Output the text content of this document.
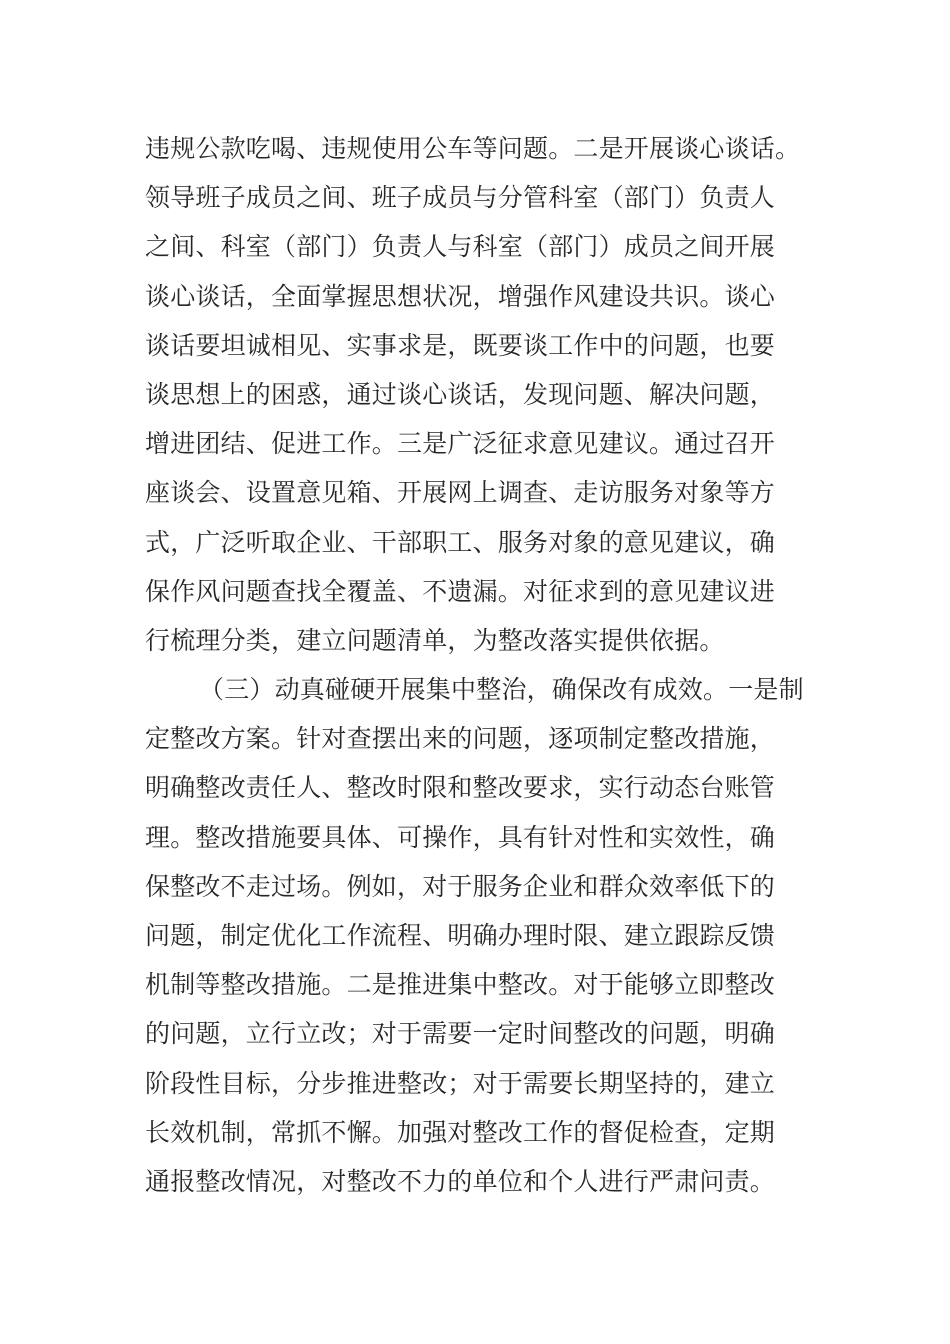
违规公款吃喝、违规使用公车等问题。二是开展谈心谈话。
领导班子成员之间、班子成员与分管科室（部门）负责人
之间、科室（部门）负责人与科室（部门）成员之间开展
谈心谈话，全面掌握思想状况，增强作风建设共识。谈心
谈话要坦诚相见、实事求是，既要谈工作中的问题，也要
谈思想上的困惑，通过谈心谈话，发现问题、解决问题，
增进团结、促进工作。三是广泛征求意见建议。通过召开
座谈会、设置意见箱、开展网上调查、走访服务对象等方
式，广泛听取企业、干部职工、服务对象的意见建议，确
保作风问题查找全覆盖、不遗漏。对征求到的意见建议进
行梳理分类，建立问题清单，为整改落实提供依据。
（三）动真碰硬开展集中整治，确保改有成效。一是制
定整改方案。针对查摆出来的问题，逐项制定整改措施，
明确整改责任人、整改时限和整改要求，实行动态台账管
理。整改措施要具体、可操作，具有针对性和实效性，确
保整改不走过场。例如，对于服务企业和群众效率低下的
问题，制定优化工作流程、明确办理时限、建立跟踪反馈
机制等整改措施。二是推进集中整改。对于能够立即整改
的问题，立行立改；对于需要一定时间整改的问题，明确
阶段性目标，分步推进整改；对于需要长期坚持的，建立
长效机制，常抓不懈。加强对整改工作的督促检查，定期
通报整改情况，对整改不力的单位和个人进行严肃问责。
